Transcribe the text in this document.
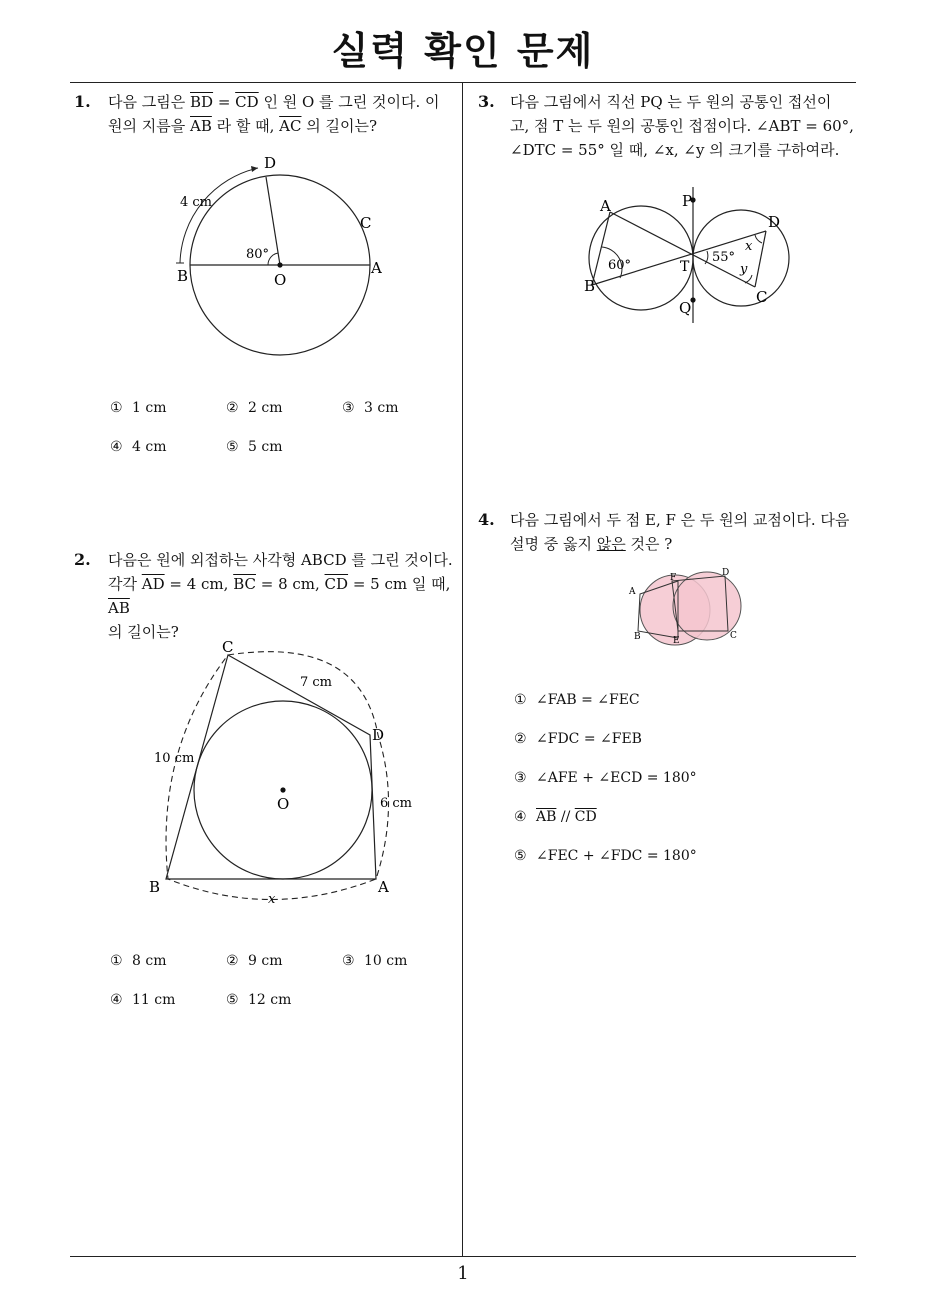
실력 확인 문제
1. 다음 그림은 $\overline{BD} = \overline{CD}$ 인 원 O 를 그린 것이다. 이
원의 지름을 $\overline{AB}$ 라 할 때, $\overline{AC}$ 의 길이는?
D
C
B	O
A
4 cm
80°
① 1 cm	② 2 cm	③ 3 cm
④ 4 cm	⑤ 5 cm
2. 다음은 원에 외접하는 사각형 ABCD 를 그린 것이다.
각각 $\overline{AD} = 4$ cm, $\overline{BC} = 8$ cm, $\overline{CD} = 5$ cm 일 때, $\overline{AB}$
의 길이는?
C
D
B	A
O
7 cm
10 cm
6 cm
x
① 8 cm	② 9 cm	③ 10 cm
④ 11 cm	⑤ 12 cm
3. 다음 그림에서 직선 PQ 는 두 원의 공통인 접선이
고, 점 T 는 두 원의 공통인 접점이다. ∠ABT = 60°,
∠DTC = 55° 일 때, ∠x, ∠y 의 크기를 구하여라.
A	P
D
B
T
C
Q
60°
55°
x
y
4. 다음 그림에서 두 점 E, F 은 두 원의 교점이다. 다음
설명 중 옳지 않은 것은 ?
A
F	D
B	E	C
① ∠FAB = ∠FEC
② ∠FDC = ∠FEB
③ ∠AFE + ∠ECD = 180°
④ $\overline{AB} // \overline{CD}$
⑤ ∠FEC + ∠FDC = 180°
1
